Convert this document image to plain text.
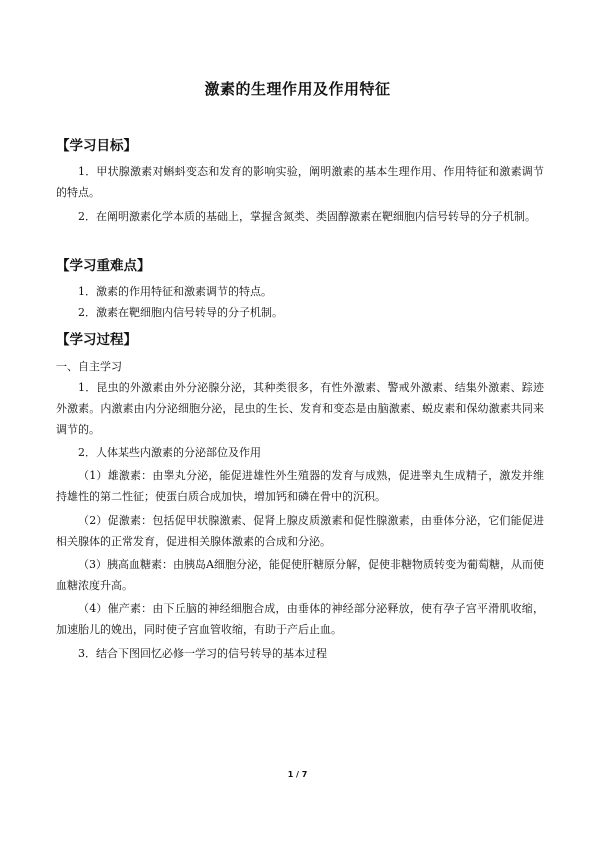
激素的生理作用及作用特征
【学习目标】

1．甲状腺激素对蝌蚪变态和发育的影响实验，阐明激素的基本生理作用、作用特征和激素调节的特点。

2．在阐明激素化学本质的基础上，掌握含氮类、类固醇激素在靶细胞内信号转导的分子机制。

【学习重难点】

1．激素的作用特征和激素调节的特点。

2．激素在靶细胞内信号转导的分子机制。

【学习过程】

一、自主学习

1．昆虫的外激素由外分泌腺分泌，其种类很多，有性外激素、警戒外激素、结集外激素、踪迹外激素。内激素由内分泌细胞分泌，昆虫的生长、发育和变态是由脑激素、蜕皮素和保幼激素共同来调节的。

2．人体某些内激素的分泌部位及作用

（1）雄激素：由睾丸分泌，能促进雄性外生殖器的发育与成熟，促进睾丸生成精子，激发并维持雄性的第二性征；使蛋白质合成加快，增加钙和磷在骨中的沉积。

（2）促激素：包括促甲状腺激素、促肾上腺皮质激素和促性腺激素，由垂体分泌，它们能促进相关腺体的正常发育，促进相关腺体激素的合成和分泌。

（3）胰高血糖素：由胰岛A细胞分泌，能促使肝糖原分解，促使非糖物质转变为葡萄糖，从而使血糖浓度升高。

（4）催产素：由下丘脑的神经细胞合成，由垂体的神经部分泌释放，使有孕子宫平滑肌收缩，加速胎儿的娩出，同时使子宫血管收缩，有助于产后止血。

3．结合下图回忆必修一学习的信号转导的基本过程

1 / 7
